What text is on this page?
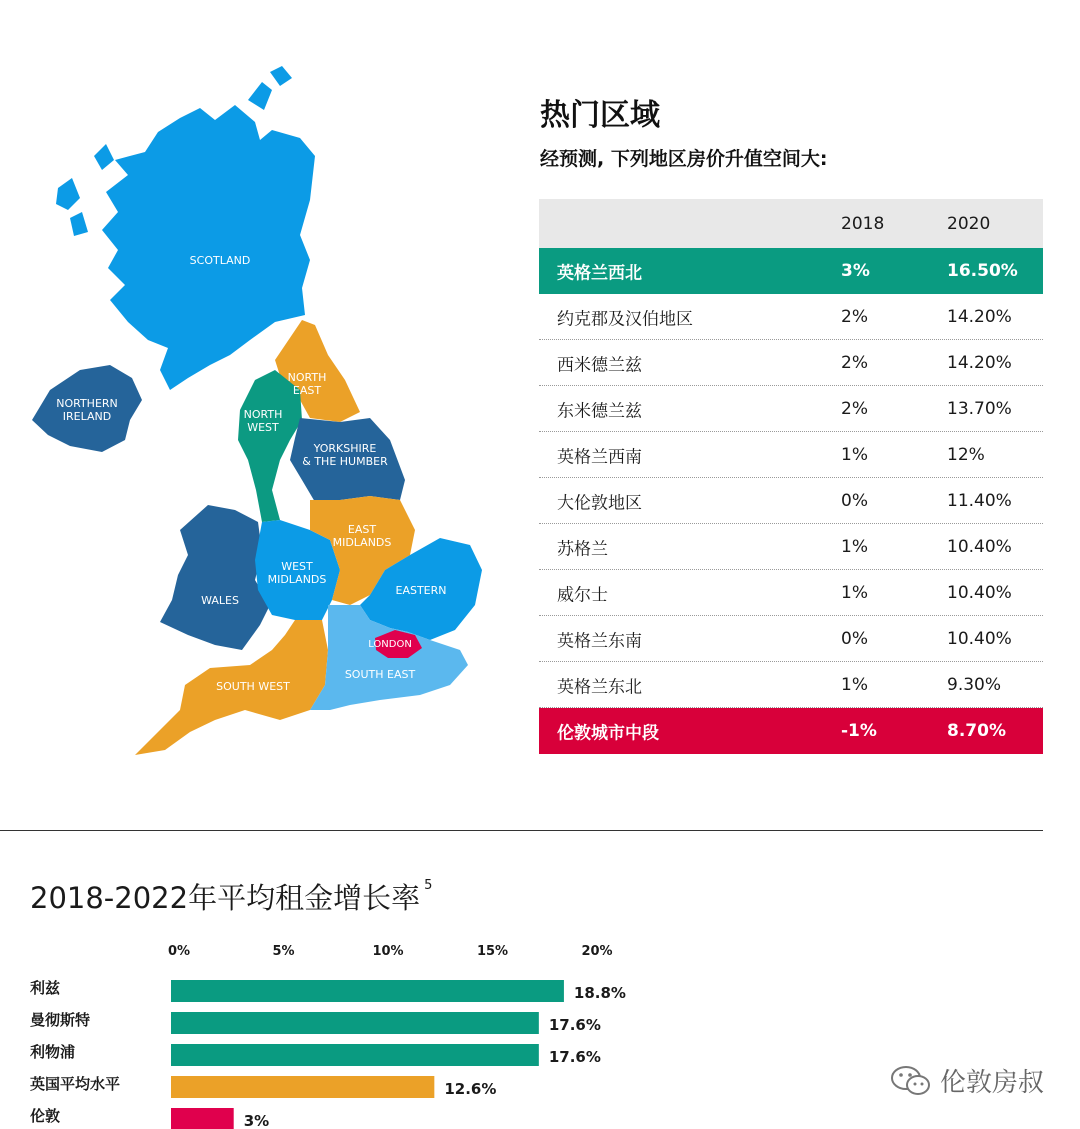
SCOTLAND
NORTHERN
IRELAND
NORTH
EAST
NORTH
WEST
YORKSHIRE
& THE HUMBER
EAST
MIDLANDS
WEST
MIDLANDS
WALES
EASTERN
LONDON
SOUTH EAST
SOUTH WEST
热门区域
经预测, 下列地区房价升值空间大:
2018	2020
英格兰西北	3%	16.50%
约克郡及汉伯地区	2%	14.20%
西米德兰兹	2%	14.20%
东米德兰兹	2%	13.70%
英格兰西南	1%	12%
大伦敦地区	0%	11.40%
苏格兰	1%	10.40%
威尔士	1%	10.40%
英格兰东南	0%	10.40%
英格兰东北	1%	9.30%
伦敦城市中段	-1%	8.70%
2018-2022年平均租金增长率 $^5$
0%	5%	10%	15%	20%
利兹	18.8%
曼彻斯特	17.6%
利物浦	17.6%
英国平均水平	12.6%
伦敦	3%
伦敦房叔
